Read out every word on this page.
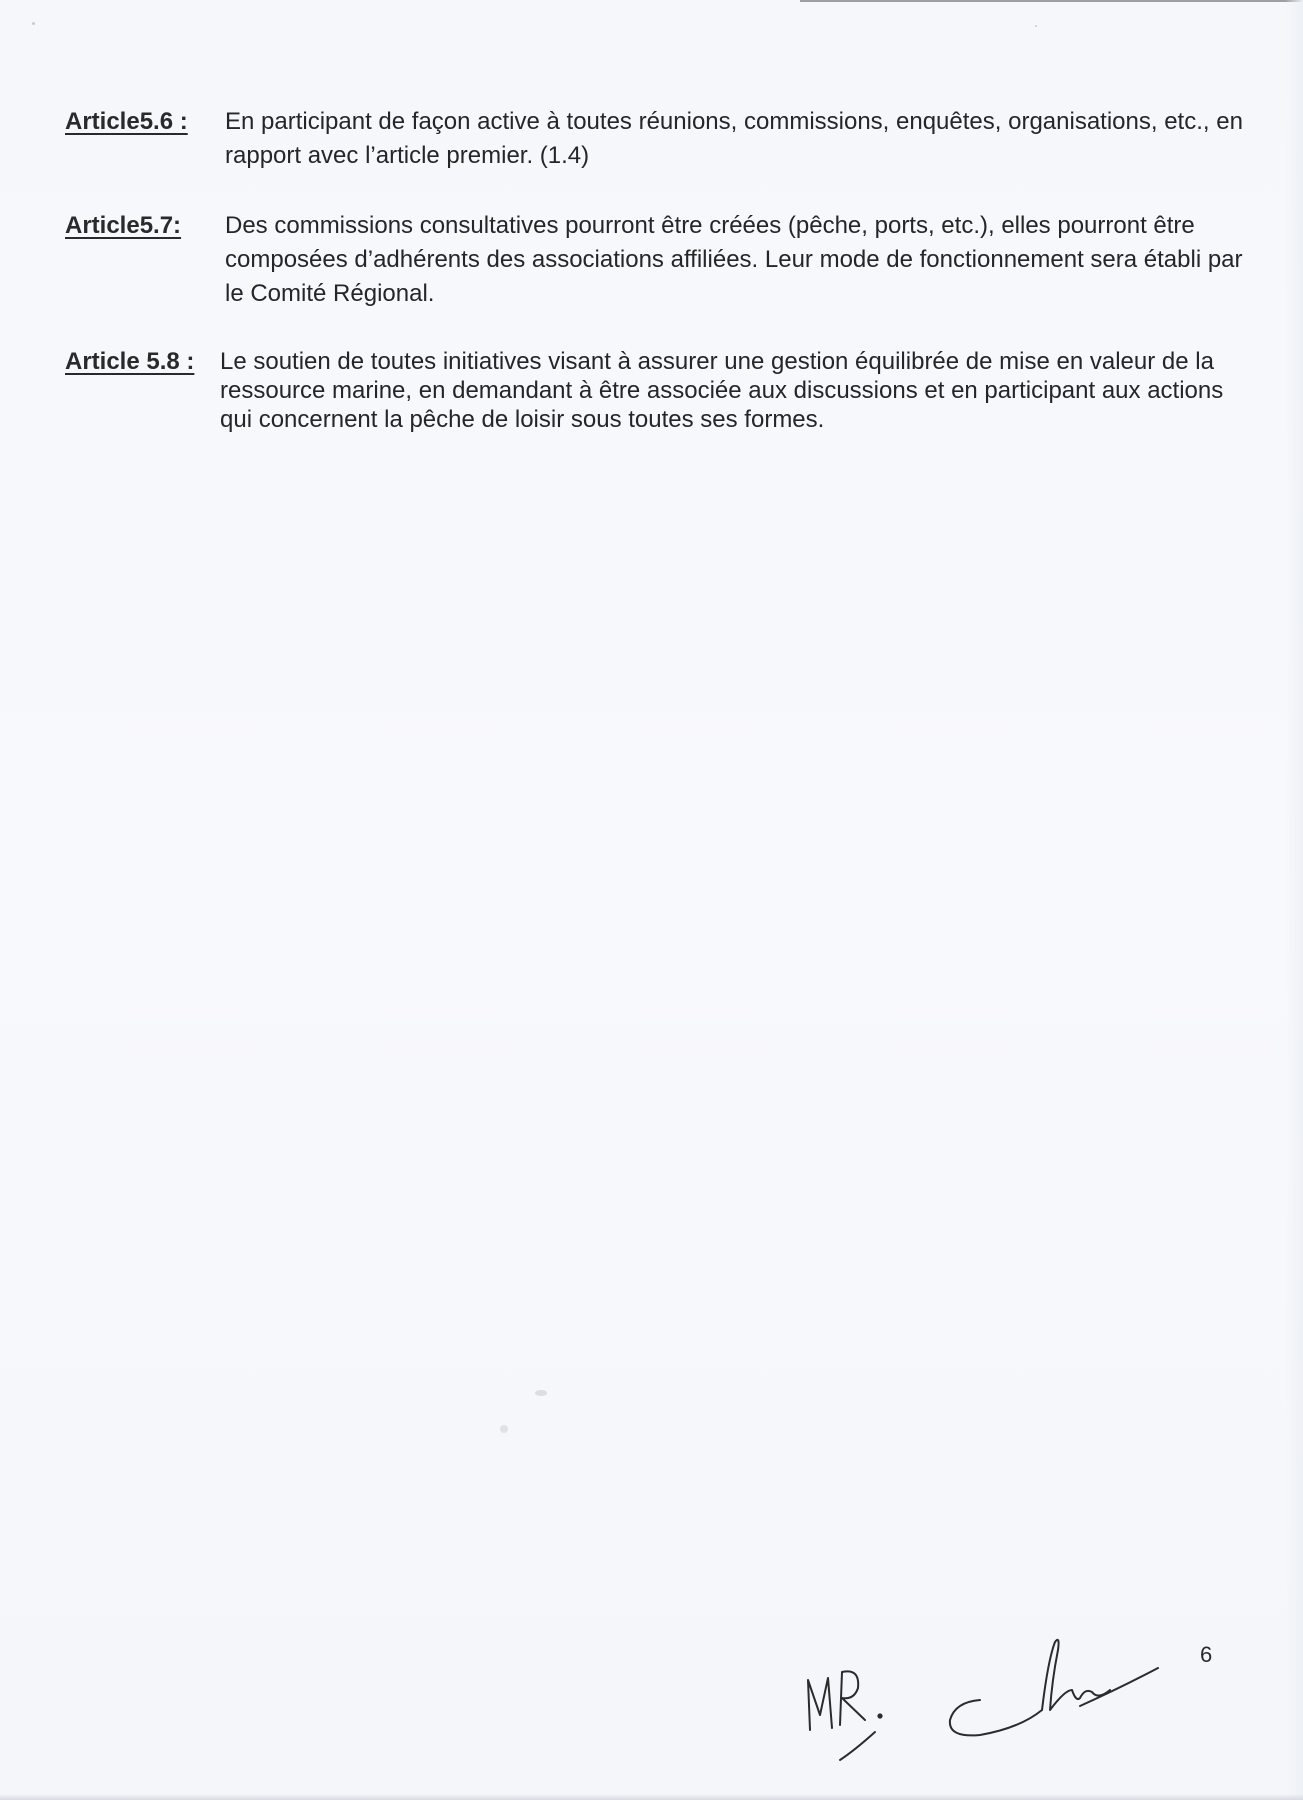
Article5.6 :	En participant de façon active à toutes réunions, commissions, enquêtes, organisations, etc., en rapport avec l’article premier. (1.4)

Article5.7:	Des commissions consultatives pourront être créées (pêche, ports, etc.), elles pourront être composées d’adhérents des associations affiliées. Leur mode de fonctionnement sera établi par le Comité Régional.

Article 5.8 :	Le soutien de toutes initiatives visant à assurer une gestion équilibrée de mise en valeur de la ressource marine, en demandant à être associée aux discussions et en participant aux actions qui concernent la pêche de loisir sous toutes ses formes.

6
